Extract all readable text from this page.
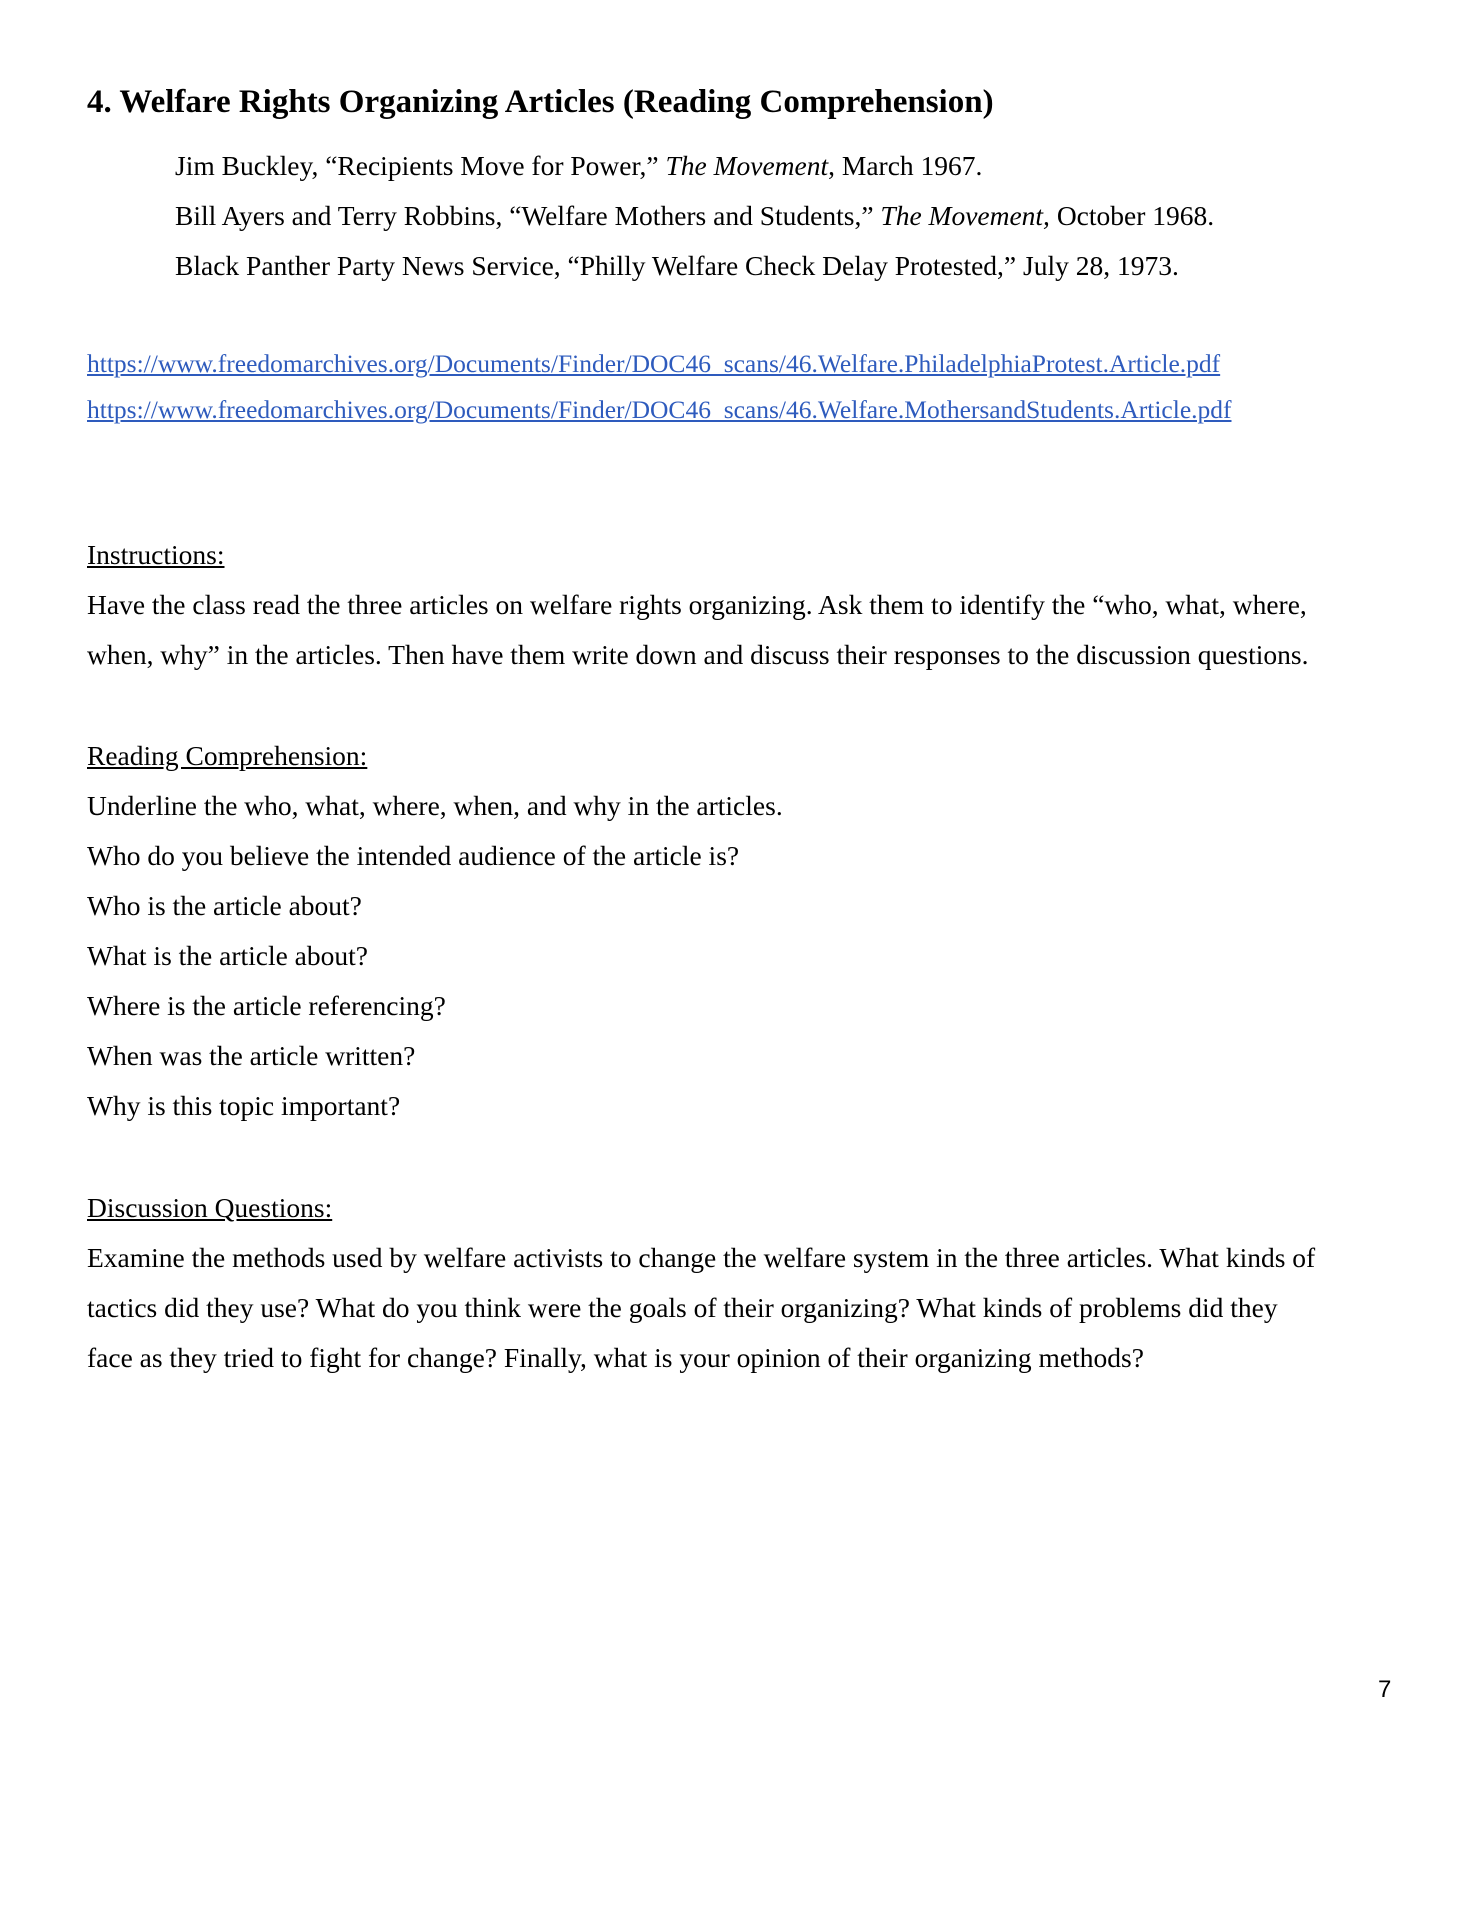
4. Welfare Rights Organizing Articles (Reading Comprehension)
Jim Buckley, “Recipients Move for Power,” The Movement, March 1967.
Bill Ayers and Terry Robbins, “Welfare Mothers and Students,” The Movement, October 1968.
Black Panther Party News Service, “Philly Welfare Check Delay Protested,” July 28, 1973.
https://www.freedomarchives.org/Documents/Finder/DOC46_scans/46.Welfare.PhiladelphiaProtest.Article.pdf
https://www.freedomarchives.org/Documents/Finder/DOC46_scans/46.Welfare.MothersandStudents.Article.pdf
Instructions:
Have the class read the three articles on welfare rights organizing. Ask them to identify the “who, what, where,
when, why” in the articles. Then have them write down and discuss their responses to the discussion questions.
Reading Comprehension:
Underline the who, what, where, when, and why in the articles.
Who do you believe the intended audience of the article is?
Who is the article about?
What is the article about?
Where is the article referencing?
When was the article written?
Why is this topic important?
Discussion Questions:
Examine the methods used by welfare activists to change the welfare system in the three articles. What kinds of
tactics did they use? What do you think were the goals of their organizing? What kinds of problems did they
face as they tried to fight for change? Finally, what is your opinion of their organizing methods?
7
